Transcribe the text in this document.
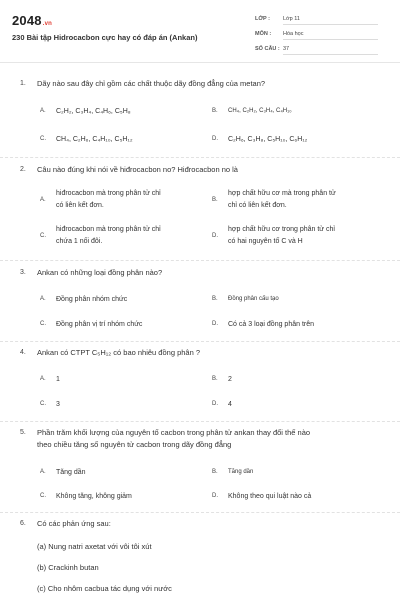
2048.vn
230 Bài tập Hidrocacbon cực hay có đáp án (Ankan)
LỚP :	Lớp 11
MÔN :	Hóa học
SỐ CÂU : 37
1. Dãy nào sau đây chỉ gồm các chất thuộc dãy đồng đẳng của metan?
A. C₂H₂, C₃H₄, C₄H₆, C₅H₈	B. CH₄, C₂H₂, C₃H₄, C₄H₁₀
C. CH₄, C₂H₆, C₄H₁₀, C₅H₁₂	D. C₂H₆, C₃H₈, C₅H₁₀, C₆H₁₂
2. Câu nào đúng khi nói về hiđrocacbon no? Hiđrocacbon no là
A.
hiđrocacbon mà trong phân tử chỉ
có liên kết đơn.
B.
hợp chất hữu cơ mà trong phân tử
chỉ có liên kết đơn.
C.
hiđrocacbon mà trong phân tử chỉ
chứa 1 nối đôi.
D.
hợp chất hữu cơ trong phân tử chỉ
có hai nguyên tố C và H
3. Ankan có những loại đồng phân nào?
A. Đồng phân nhóm chức	B. Đồng phân cấu tạo
C. Đồng phân vị trí nhóm chức	D. Có cả 3 loại đồng phân trên
4. Ankan có CTPT C₅H₁₂ có bao nhiêu đồng phân ?
A. 1	B. 2
C. 3	D. 4
5. Phần trăm khối lượng của nguyên tố cacbon trong phân tử ankan thay đổi thế nào
theo chiều tăng số nguyên tử cacbon trong dãy đồng đẳng
A. Tăng dần	B. Tăng dần
C. Không tăng, không giảm	D. Không theo qui luật nào cả
6. Có các phản ứng sau:
(a) Nung natri axetat với vôi tôi xút
(b) Crackinh butan
(c) Cho nhôm cacbua tác dụng với nước
